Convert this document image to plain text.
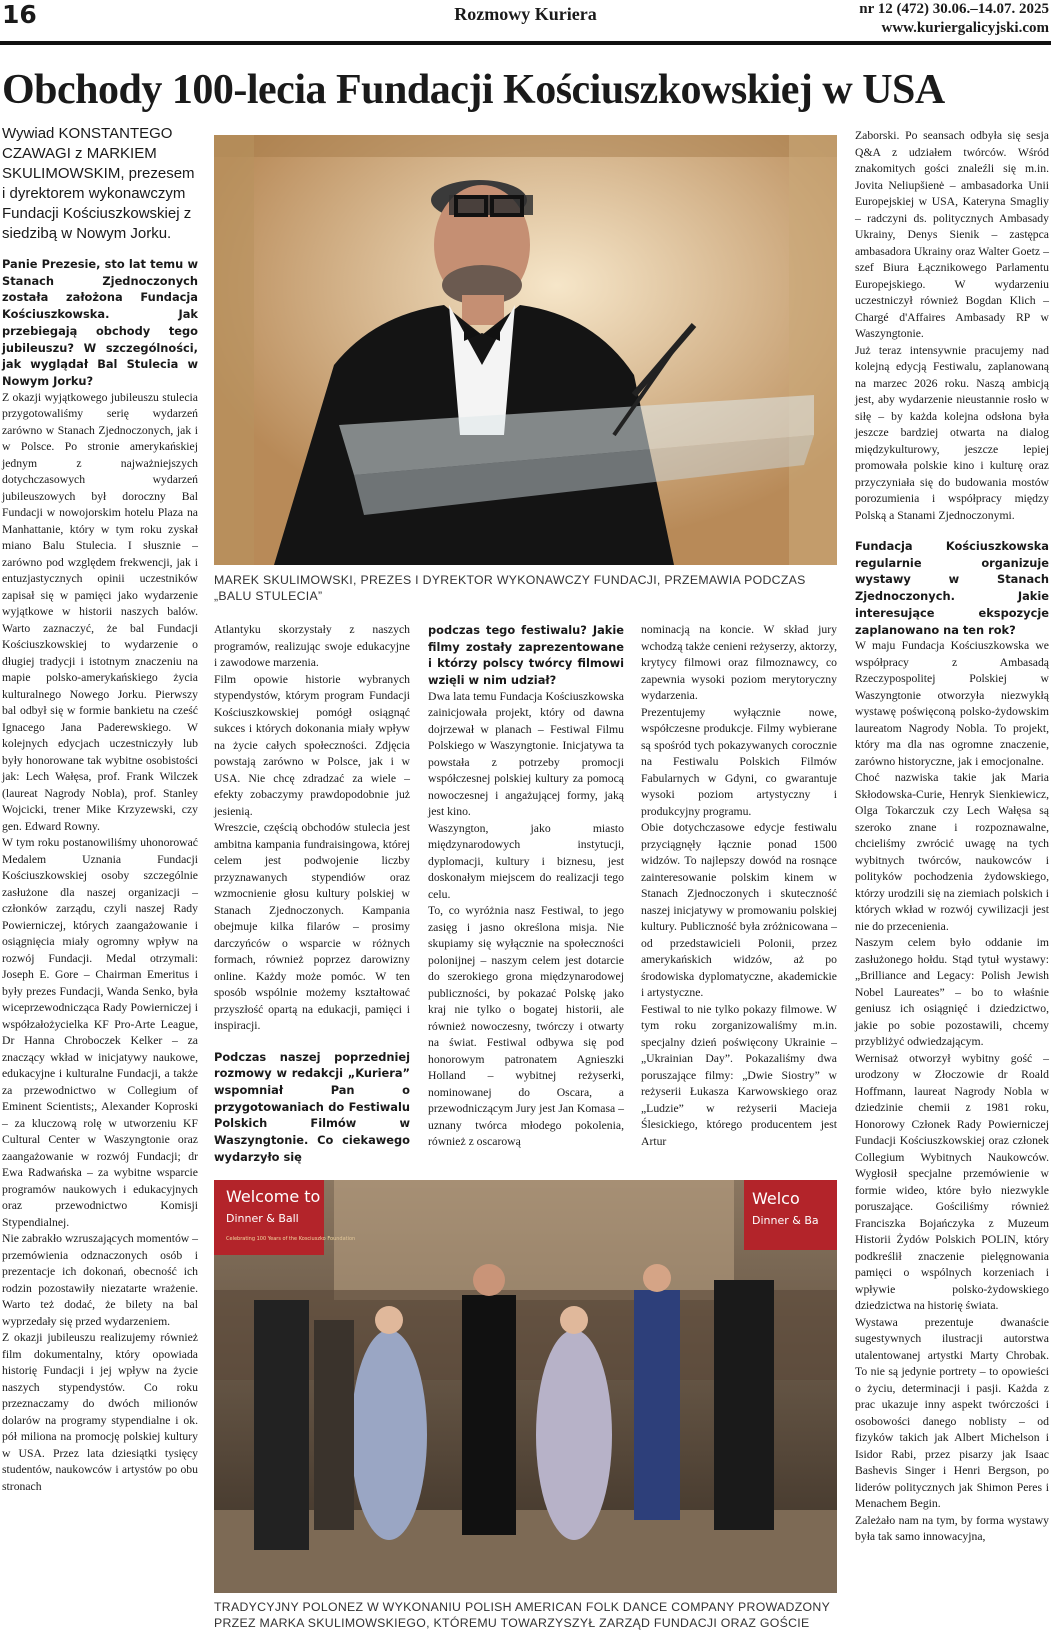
16	Rozmowy Kuriera	nr 12 (472) 30.06.–14.07. 2025
www.kuriergalicyjski.com
Obchody 100-lecia Fundacji Kościuszkowskiej w USA

Wywiad KONSTANTEGO CZAWAGI z MARKIEM SKULIMOWSKIM, prezesem i dyrektorem wykonawczym Fundacji Kościuszkowskiej z siedzibą w Nowym Jorku.

Panie Prezesie, sto lat temu w Stanach Zjednoczonych została założona Fundacja Kościuszkowska. Jak przebiegają obchody tego jubileuszu? W szczególności, jak wyglądał Bal Stulecia w Nowym Jorku?

Z okazji wyjątkowego jubileuszu stulecia przygotowaliśmy serię wydarzeń zarówno w Stanach Zjednoczonych, jak i w Polsce. Po stronie amerykańskiej jednym z najważniejszych dotychczasowych wydarzeń jubileuszowych był doroczny Bal Fundacji w nowojorskim hotelu Plaza na Manhattanie, który w tym roku zyskał miano Balu Stulecia. I słusznie – zarówno pod względem frekwencji, jak i entuzjastycznych opinii uczestników zapisał się w pamięci jako wydarzenie wyjątkowe w historii naszych balów. Warto zaznaczyć, że bal Fundacji Kościuszkowskiej to wydarzenie o długiej tradycji i istotnym znaczeniu na mapie polsko-amerykańskiego życia kulturalnego Nowego Jorku. Pierwszy bal odbył się w formie bankietu na cześć Ignacego Jana Paderewskiego. W kolejnych edycjach uczestniczyły lub były honorowane tak wybitne osobistości jak: Lech Wałęsa, prof. Frank Wilczek (laureat Nagrody Nobla), prof. Stanley Wojcicki, trener Mike Krzyzewski, czy gen. Edward Rowny.

W tym roku postanowiliśmy uhonorować Medalem Uznania Fundacji Kościuszkowskiej osoby szczególnie zasłużone dla naszej organizacji – członków zarządu, czyli naszej Rady Powierniczej, których zaangażowanie i osiągnięcia miały ogromny wpływ na rozwój Fundacji. Medal otrzymali: Joseph E. Gore – Chairman Emeritus i były prezes Fundacji, Wanda Senko, była wiceprzewodnicząca Rady Powierniczej i współzałożycielka KF Pro-Arte League, Dr Hanna Chroboczek Kelker – za znaczący wkład w inicjatywy naukowe, edukacyjne i kulturalne Fundacji, a także za przewodnictwo w Collegium of Eminent Scientists;, Alexander Koproski – za kluczową rolę w utworzeniu KF Cultural Center w Waszyngtonie oraz zaangażowanie w rozwój Fundacji; dr Ewa Radwańska – za wybitne wsparcie programów naukowych i edukacyjnych oraz przewodnictwo Komisji Stypendialnej.

Nie zabrakło wzruszających momentów – przemówienia odznaczonych osób i prezentacje ich dokonań, obecność ich rodzin pozostawiły niezatarte wrażenie. Warto też dodać, że bilety na bal wyprzedały się przed wydarzeniem.

Z okazji jubileuszu realizujemy również film dokumentalny, który opowiada historię Fundacji i jej wpływ na życie naszych stypendystów. Co roku przeznaczamy do dwóch milionów dolarów na programy stypendialne i ok. pół miliona na promocję polskiej kultury w USA. Przez lata dziesiątki tysięcy studentów, naukowców i artystów po obu stronach

MAREK SKULIMOWSKI, PREZES I DYREKTOR WYKONAWCZY FUNDACJI, PRZEMAWIA PODCZAS „BALU STULECIA”

Atlantyku skorzystały z naszych programów, realizując swoje edukacyjne i zawodowe marzenia.

Film opowie historie wybranych stypendystów, którym program Fundacji Kościuszkowskiej pomógł osiągnąć sukces i których dokonania miały wpływ na życie całych społeczności. Zdjęcia powstają zarówno w Polsce, jak i w USA. Nie chcę zdradzać za wiele – efekty zobaczymy prawdopodobnie już jesienią.

Wreszcie, częścią obchodów stulecia jest ambitna kampania fundraisingowa, której celem jest podwojenie liczby przyznawanych stypendiów oraz wzmocnienie głosu kultury polskiej w Stanach Zjednoczonych. Kampania obejmuje kilka filarów – prosimy darczyńców o wsparcie w różnych formach, również poprzez darowizny online. Każdy może pomóc. W ten sposób wspólnie możemy kształtować przyszłość opartą na edukacji, pamięci i inspiracji.

Podczas naszej poprzedniej rozmowy w redakcji „Kuriera” wspomniał Pan o przygotowaniach do Festiwalu Polskich Filmów w Waszyngtonie. Co ciekawego wydarzyło się

podczas tego festiwalu? Jakie filmy zostały zaprezentowane i którzy polscy twórcy filmowi wzięli w nim udział?

Dwa lata temu Fundacja Kościuszkowska zainicjowała projekt, który od dawna dojrzewał w planach – Festiwal Filmu Polskiego w Waszyngtonie. Inicjatywa ta powstała z potrzeby promocji współczesnej polskiej kultury za pomocą nowoczesnej i angażującej formy, jaką jest kino.

Waszyngton, jako miasto międzynarodowych instytucji, dyplomacji, kultury i biznesu, jest doskonałym miejscem do realizacji tego celu.

To, co wyróżnia nasz Festiwal, to jego zasięg i jasno określona misja. Nie skupiamy się wyłącznie na społeczności polonijnej – naszym celem jest dotarcie do szerokiego grona międzynarodowej publiczności, by pokazać Polskę jako kraj nie tylko o bogatej historii, ale również nowoczesny, twórczy i otwarty na świat. Festiwal odbywa się pod honorowym patronatem Agnieszki Holland – wybitnej reżyserki, nominowanej do Oscara, a przewodniczącym Jury jest Jan Komasa – uznany twórca młodego pokolenia, również z oscarową

nominacją na koncie. W skład jury wchodzą także cenieni reżyserzy, aktorzy, krytycy filmowi oraz filmoznawcy, co zapewnia wysoki poziom merytoryczny wydarzenia.

Prezentujemy wyłącznie nowe, współczesne produkcje. Filmy wybierane są spośród tych pokazywanych corocznie na Festiwalu Polskich Filmów Fabularnych w Gdyni, co gwarantuje wysoki poziom artystyczny i produkcyjny programu.

Obie dotychczasowe edycje festiwalu przyciągnęły łącznie ponad 1500 widzów. To najlepszy dowód na rosnące zainteresowanie polskim kinem w Stanach Zjednoczonych i skuteczność naszej inicjatywy w promowaniu polskiej kultury. Publiczność była zróżnicowana – od przedstawicieli Polonii, przez amerykańskich widzów, aż po środowiska dyplomatyczne, akademickie i artystyczne.

Festiwal to nie tylko pokazy filmowe. W tym roku zorganizowaliśmy m.in. specjalny dzień poświęcony Ukrainie – „Ukrainian Day”. Pokazaliśmy dwa poruszające filmy: „Dwie Siostry” w reżyserii Łukasza Karwowskiego oraz „Ludzie” w reżyserii Macieja Ślesickiego, którego producentem jest Artur

Welcome to
Dinner & Ball
Celebrating 100 Years of the Kosciuszko Foundation
Welco
Dinner & Ba
TRADYCYJNY POLONEZ W WYKONANIU POLISH AMERICAN FOLK DANCE COMPANY PROWADZONY PRZEZ MARKA SKULIMOWSKIEGO, KTÓREMU TOWARZYSZYŁ ZARZĄD FUNDACJI ORAZ GOŚCIE

Zaborski. Po seansach odbyła się sesja Q&A z udziałem twórców. Wśród znakomitych gości znaleźli się m.in. Jovita Neliupšienė – ambasadorka Unii Europejskiej w USA, Kateryna Smagliy – radczyni ds. politycznych Ambasady Ukrainy, Denys Sienik – zastępca ambasadora Ukrainy oraz Walter Goetz – szef Biura Łącznikowego Parlamentu Europejskiego. W wydarzeniu uczestniczył również Bogdan Klich – Chargé d'Affaires Ambasady RP w Waszyngtonie.

Już teraz intensywnie pracujemy nad kolejną edycją Festiwalu, zaplanowaną na marzec 2026 roku. Naszą ambicją jest, aby wydarzenie nieustannie rosło w siłę – by każda kolejna odsłona była jeszcze bardziej otwarta na dialog międzykulturowy, jeszcze lepiej promowała polskie kino i kulturę oraz przyczyniała się do budowania mostów porozumienia i współpracy między Polską a Stanami Zjednoczonymi.

Fundacja Kościuszkowska regularnie organizuje wystawy w Stanach Zjednoczonych. Jakie interesujące ekspozycje zaplanowano na ten rok?

W maju Fundacja Kościuszkowska we współpracy z Ambasadą Rzeczypospolitej Polskiej w Waszyngtonie otworzyła niezwykłą wystawę poświęconą polsko-żydowskim laureatom Nagrody Nobla. To projekt, który ma dla nas ogromne znaczenie, zarówno historyczne, jak i emocjonalne.

Choć nazwiska takie jak Maria Skłodowska-Curie, Henryk Sienkiewicz, Olga Tokarczuk czy Lech Wałęsa są szeroko znane i rozpoznawalne, chcieliśmy zwrócić uwagę na tych wybitnych twórców, naukowców i polityków pochodzenia żydowskiego, którzy urodzili się na ziemiach polskich i których wkład w rozwój cywilizacji jest nie do przecenienia.

Naszym celem było oddanie im zasłużonego hołdu. Stąd tytuł wystawy: „Brilliance and Legacy: Polish Jewish Nobel Laureates” – bo to właśnie geniusz ich osiągnięć i dziedzictwo, jakie po sobie pozostawili, chcemy przybliżyć odwiedzającym.

Wernisaż otworzył wybitny gość – urodzony w Złoczowie dr Roald Hoffmann, laureat Nagrody Nobla w dziedzinie chemii z 1981 roku, Honorowy Członek Rady Powierniczej Fundacji Kościuszkowskiej oraz członek Collegium Wybitnych Naukowców. Wygłosił specjalne przemówienie w formie wideo, które było niezwykle poruszające. Gościliśmy również Franciszka Bojańczyka z Muzeum Historii Żydów Polskich POLIN, który podkreślił znaczenie pielęgnowania pamięci o wspólnych korzeniach i wpływie polsko-żydowskiego dziedzictwa na historię świata.

Wystawa prezentuje dwanaście sugestywnych ilustracji autorstwa utalentowanej artystki Marty Chrobak. To nie są jedynie portrety – to opowieści o życiu, determinacji i pasji. Każda z prac ukazuje inny aspekt twórczości i osobowości danego noblisty – od fizyków takich jak Albert Michelson i Isidor Rabi, przez pisarzy jak Isaac Bashevis Singer i Henri Bergson, po liderów politycznych jak Shimon Peres i Menachem Begin.

Zależało nam na tym, by forma wystawy była tak samo innowacyjna,
